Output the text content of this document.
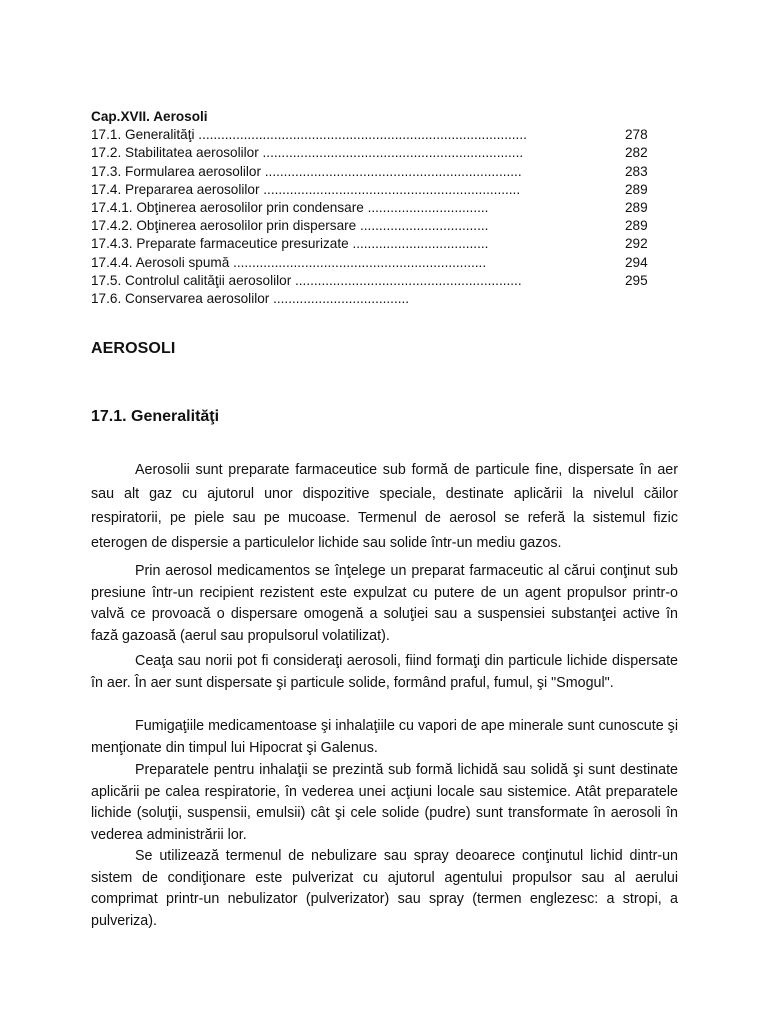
Cap.XVII. Aerosoli
17.1. Generalităţi .......................................................................................	278
17.2. Stabilitatea aerosolilor .....................................................................	282
17.3. Formularea aerosolilor ....................................................................	283
17.4. Prepararea aerosolilor ....................................................................	289
17.4.1. Obţinerea aerosolilor prin condensare ................................	289
17.4.2. Obţinerea aerosolilor prin dispersare ..................................	289
17.4.3. Preparate farmaceutice presurizate ....................................	292
17.4.4. Aerosoli spumă ...................................................................	294
17.5. Controlul calităţii aerosolilor ............................................................	295
17.6. Conservarea aerosolilor ....................................
AEROSOLI
17.1. Generalităţi

Aerosolii sunt preparate farmaceutice sub formă de particule fine, dispersate în aer sau alt gaz cu ajutorul unor dispozitive speciale, destinate aplicării la nivelul căilor respiratorii, pe piele sau pe mucoase. Termenul de aerosol se referă la sistemul fizic eterogen de dispersie a particulelor lichide sau solide într-un mediu gazos.

Prin aerosol medicamentos se înţelege un preparat farmaceutic al cărui conţinut sub presiune într-un recipient rezistent este expulzat cu putere de un agent propulsor printr-o valvă ce provoacă o dispersare omogenă a soluţiei sau a suspensiei substanţei active în fază gazoasă (aerul sau propulsorul volatilizat).

Ceaţa sau norii pot fi consideraţi aerosoli, fiind formaţi din particule lichide dispersate în aer. În aer sunt dispersate şi particule solide, formând praful, fumul, şi "Smogul".

Fumigaţiile medicamentoase şi inhalaţiile cu vapori de ape minerale sunt cunoscute şi menţionate din timpul lui Hipocrat şi Galenus.

Preparatele pentru inhalaţii se prezintă sub formă lichidă sau solidă şi sunt destinate aplicării pe calea respiratorie, în vederea unei acţiuni locale sau sistemice. Atât preparatele lichide (soluţii, suspensii, emulsii) cât şi cele solide (pudre) sunt transformate în aerosoli în vederea administrării lor.

Se utilizează termenul de nebulizare sau spray deoarece conţinutul lichid dintr-un sistem de condiţionare este pulverizat cu ajutorul agentului propulsor sau al aerului comprimat printr-un nebulizator (pulverizator) sau spray (termen englezesc: a stropi, a pulveriza).
